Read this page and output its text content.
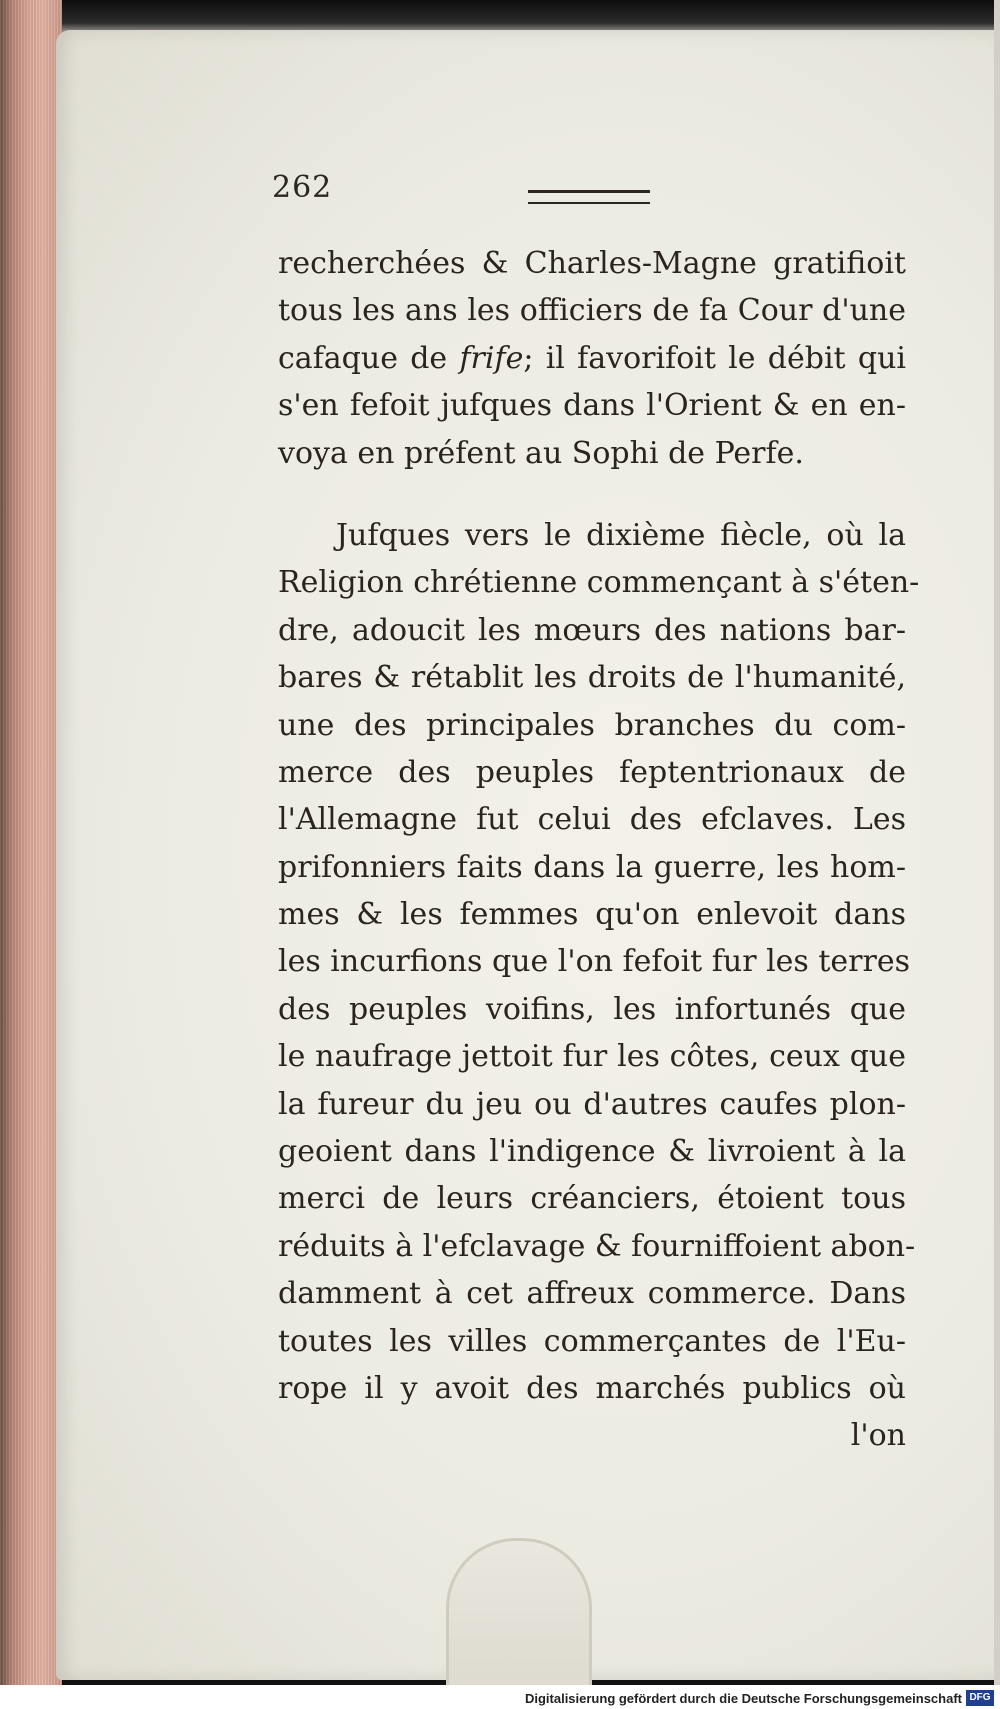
262
recherchées & Charles-Magne gratifioit
tous les ans les officiers de fa Cour d'une
cafaque de frife; il favorifoit le débit qui
s'en fefoit jufques dans l'Orient & en en-
voya en préfent au Sophi de Perfe.
Jufques vers le dixième fiècle, où la
Religion chrétienne commençant à s'éten-
dre, adoucit les mœurs des nations bar-
bares & rétablit les droits de l'humanité,
une des principales branches du com-
merce des peuples feptentrionaux de
l'Allemagne fut celui des efclaves. Les
prifonniers faits dans la guerre, les hom-
mes & les femmes qu'on enlevoit dans
les incurfions que l'on fefoit fur les terres
des peuples voifins, les infortunés que
le naufrage jettoit fur les côtes, ceux que
la fureur du jeu ou d'autres caufes plon-
geoient dans l'indigence & livroient à la
merci de leurs créanciers, étoient tous
réduits à l'efclavage & fourniffoient abon-
damment à cet affreux commerce. Dans
toutes les villes commerçantes de l'Eu-
rope il y avoit des marchés publics où
l'on
Digitalisierung gefördert durch die Deutsche Forschungsgemeinschaft DFG
